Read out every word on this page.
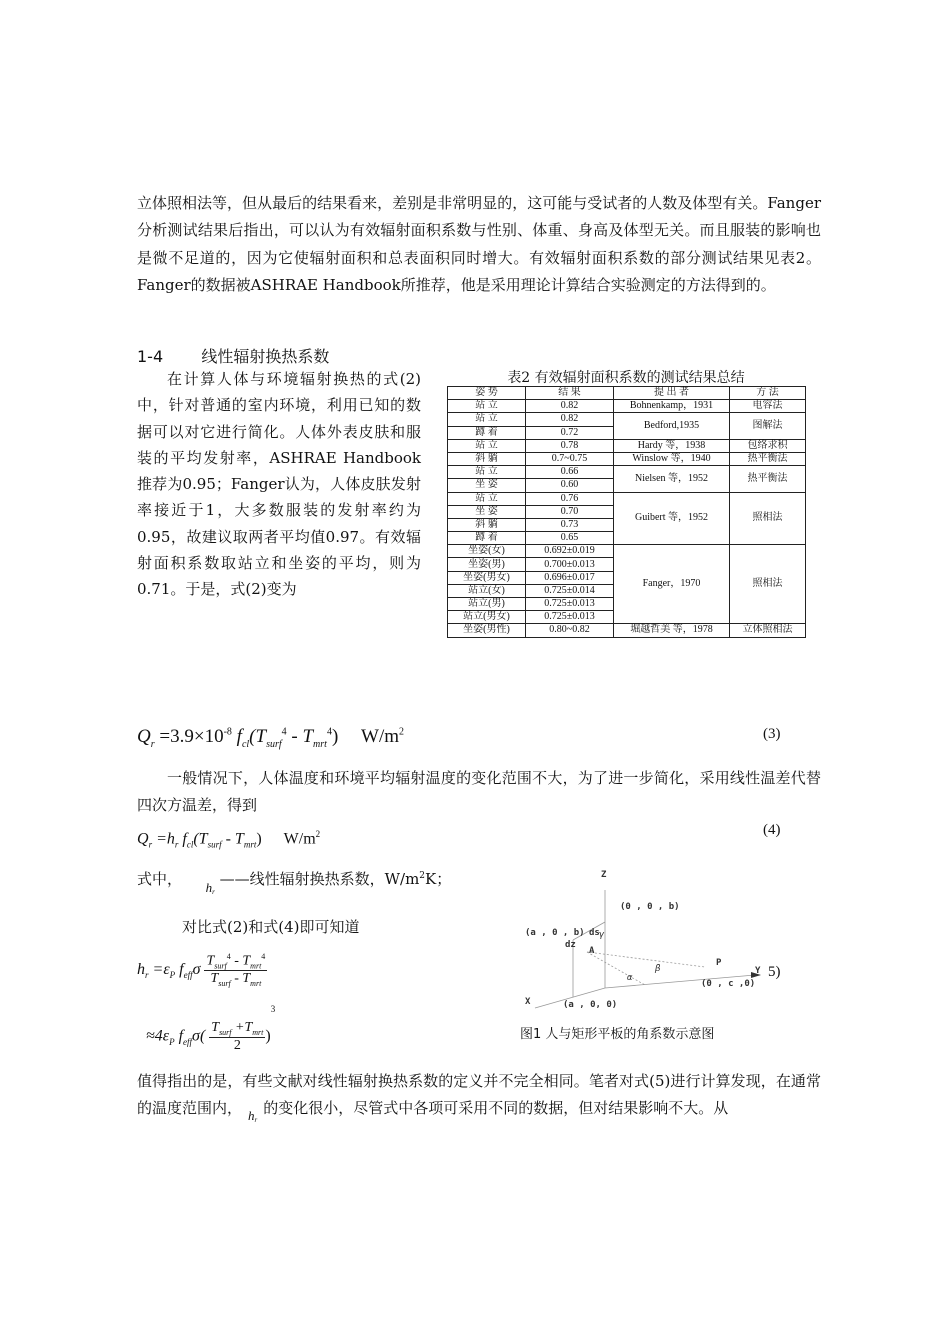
立体照相法等，但从最后的结果看来，差别是非常明显的，这可能与受试者的人数及体型有关。Fanger分析测试结果后指出，可以认为有效辐射面积系数与性别、体重、身高及体型无关。而且服装的影响也是微不足道的，因为它使辐射面积和总表面积同时增大。有效辐射面积系数的部分测试结果见表2。Fanger的数据被ASHRAE Handbook所推荐，他是采用理论计算结合实验测定的方法得到的。
1-4 线性辐射换热系数
在计算人体与环境辐射换热的式(2)中，针对普通的室内环境，利用已知的数据可以对它进行简化。人体外表皮肤和服装的平均发射率，ASHRAE Handbook推荐为0.95；Fanger认为，人体皮肤发射率接近于1，大多数服装的发射率约为0.95，故建议取两者平均值0.97。有效辐射面积系数取站立和坐姿的平均，则为0.71。于是，式(2)变为
表2 有效辐射面积系数的测试结果总结
姿 势	结 果	提 出 者	方 法
站 立	0.82	Bohnenkamp，1931	电容法
站 立	0.82	Bedford,1935	图解法
蹲 着	0.72		
站 立	0.78	Hardy 等，1938	包络求积
斜 躺	0.7~0.75	Winslow 等，1940	热平衡法
站 立	0.66	Nielsen 等，1952	热平衡法
坐 姿	0.60		
站 立	0.76	Guibert 等，1952	照相法
坐 姿	0.70		
斜 躺	0.73		
蹲 着	0.65		
坐姿(女)	0.692±0.019	Fanger，1970	照相法
坐姿(男)	0.700±0.013		
坐姿(男女)	0.696±0.017		
站立(女)	0.725±0.014		
站立(男)	0.725±0.013		
站立(男女)	0.725±0.013		
坐姿(男性)	0.80~0.82	堀越哲美 等，1978	立体照相法
$Q_r =3.9\times 10^{-8}$ $f_{cl}(T_{surf}^4 - T_{mrt}^4)$ $W/m^2$	(3)
一般情况下，人体温度和环境平均辐射温度的变化范围不大，为了进一步简化，采用线性温差代替四次方温差，得到
$Q_r =h_r$ $f_{cl}(T_{surf} - T_{mrt})$ $W/m^2$	(4)
式中， $h_r$ ——线性辐射换热系数，$W/m^2K$；
对比式(2)和式(4)即可知道
$h_r =\varepsilon_P$ $f_{eff}\sigma \frac{T_{surf}^4 - T_{mrt}^4}{T_{surf} - T_{mrt}}$
$\approx 4\varepsilon_P$ $f_{eff}\sigma( \frac{T_{surf} +T_{mrt}}{2} )^3$
Z
(0 , 0 , b)
(a , 0 , b) ds γ
dz
A
β
α
P
Y
(0 , c ,0)
X	(a , 0, 0)
5)
图1 人与矩形平板的角系数示意图
值得指出的是，有些文献对线性辐射换热系数的定义并不完全相同。笔者对式(5)进行计算发现，在通常的温度范围内， $h_r$的变化很小，尽管式中各项可采用不同的数据，但对结果影响不大。从
